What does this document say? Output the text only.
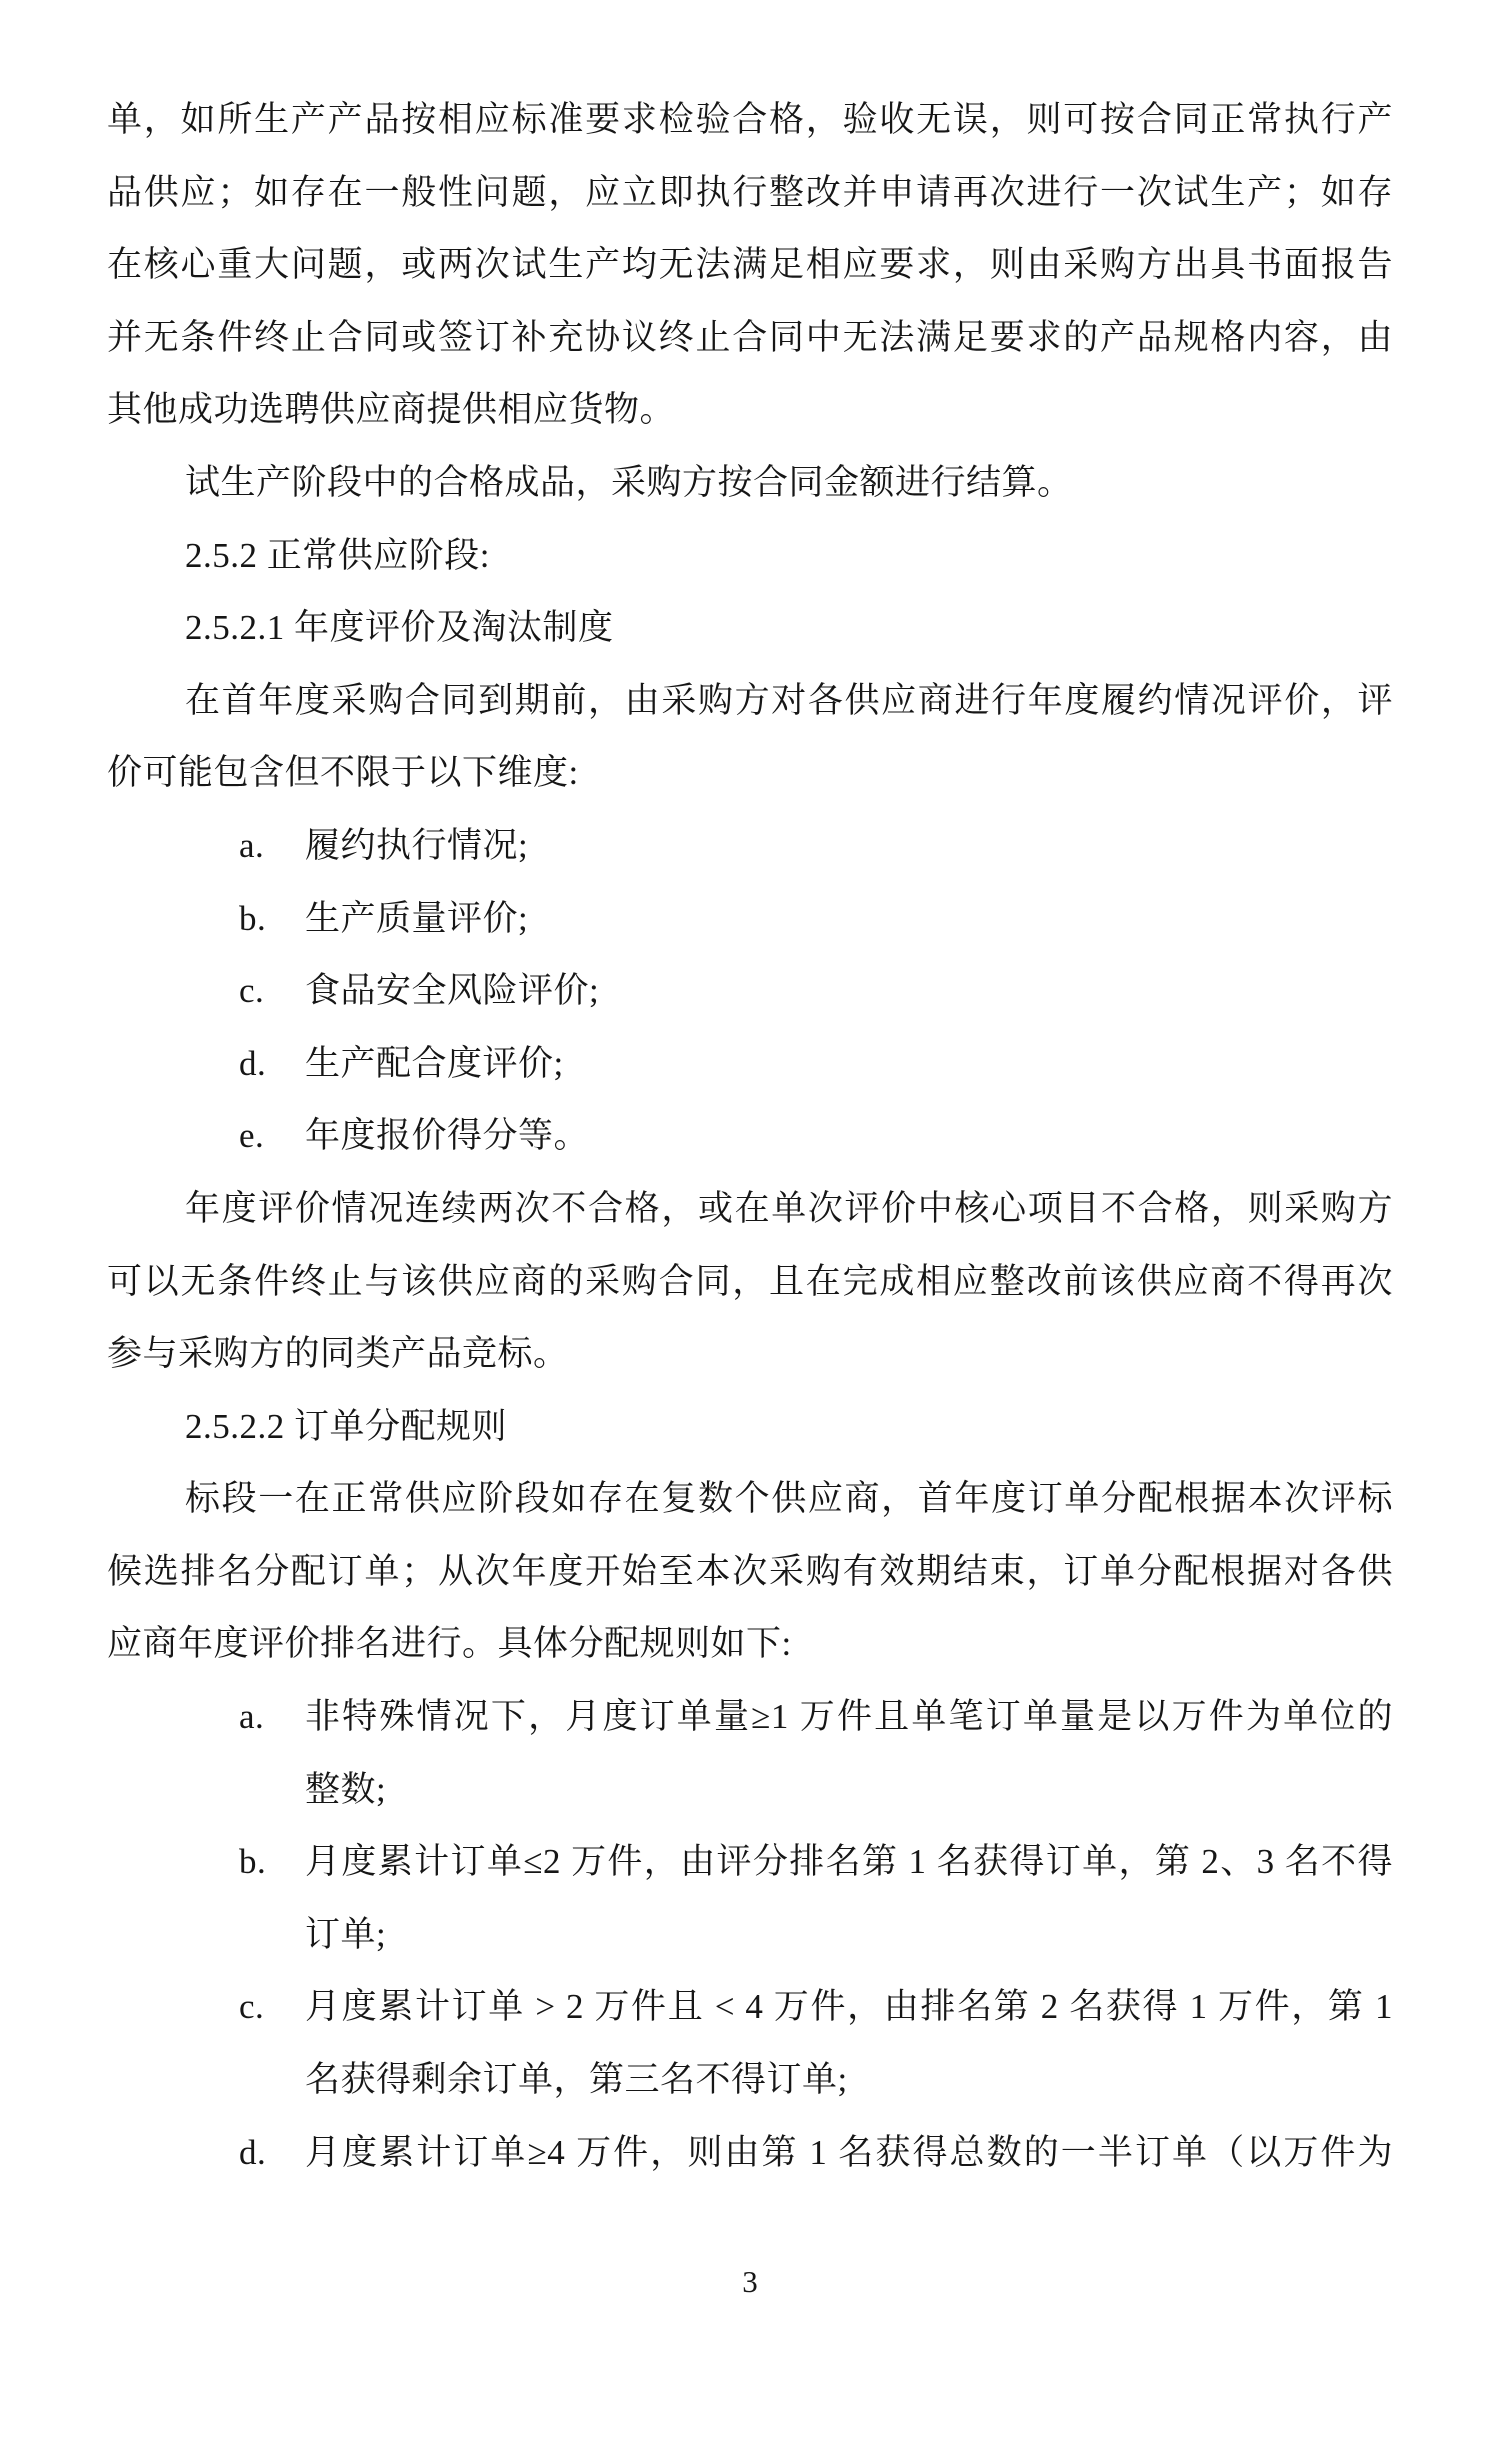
单，如所生产产品按相应标准要求检验合格，验收无误，则可按合同正常执行产
品供应；如存在一般性问题，应立即执行整改并申请再次进行一次试生产；如存
在核心重大问题，或两次试生产均无法满足相应要求，则由采购方出具书面报告
并无条件终止合同或签订补充协议终止合同中无法满足要求的产品规格内容，由
其他成功选聘供应商提供相应货物。
试生产阶段中的合格成品，采购方按合同金额进行结算。
2.5.2 正常供应阶段:
2.5.2.1 年度评价及淘汰制度
在首年度采购合同到期前，由采购方对各供应商进行年度履约情况评价，评
价可能包含但不限于以下维度:
a.	履约执行情况;
b.	生产质量评价;
c.	食品安全风险评价;
d.	生产配合度评价;
e.	年度报价得分等。
年度评价情况连续两次不合格，或在单次评价中核心项目不合格，则采购方
可以无条件终止与该供应商的采购合同，且在完成相应整改前该供应商不得再次
参与采购方的同类产品竞标。
2.5.2.2 订单分配规则
标段一在正常供应阶段如存在复数个供应商，首年度订单分配根据本次评标
候选排名分配订单；从次年度开始至本次采购有效期结束，订单分配根据对各供
应商年度评价排名进行。具体分配规则如下:
a.	非特殊情况下，月度订单量≥1 万件且单笔订单量是以万件为单位的
整数;
b.	月度累计订单≤2 万件，由评分排名第 1 名获得订单，第 2、3 名不得
订单;
c.	月度累计订单 > 2 万件且 < 4 万件，由排名第 2 名获得 1 万件，第 1
名获得剩余订单，第三名不得订单;
d.	月度累计订单≥4 万件，则由第 1 名获得总数的一半订单（以万件为
3
